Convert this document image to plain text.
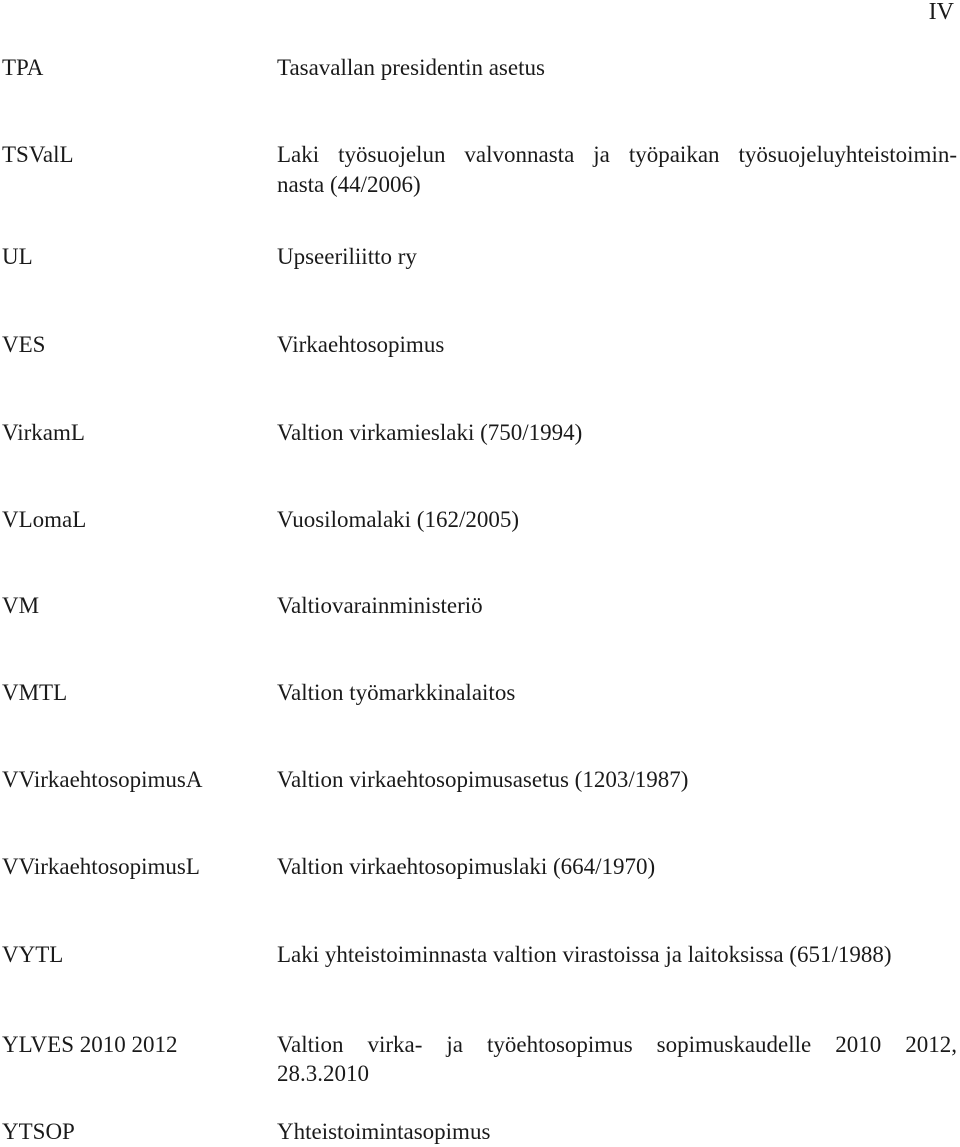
IV
TPA	Tasavallan presidentin asetus
TSValL	Laki työsuojelun valvonnasta ja työpaikan työsuojeluyhteistoimin-
nasta (44/2006)
UL	Upseeriliitto ry
VES	Virkaehtosopimus
VirkamL	Valtion virkamieslaki (750/1994)
VLomaL	Vuosilomalaki (162/2005)
VM	Valtiovarainministeriö
VMTL	Valtion työmarkkinalaitos
VVirkaehtosopimusA	Valtion virkaehtosopimusasetus (1203/1987)
VVirkaehtosopimusL	Valtion virkaehtosopimuslaki (664/1970)
VYTL	Laki yhteistoiminnasta valtion virastoissa ja laitoksissa (651/1988)
YLVES 2010 2012	Valtion virka- ja työehtosopimus sopimuskaudelle 2010 2012,
28.3.2010
YTSOP	Yhteistoimintasopimus
